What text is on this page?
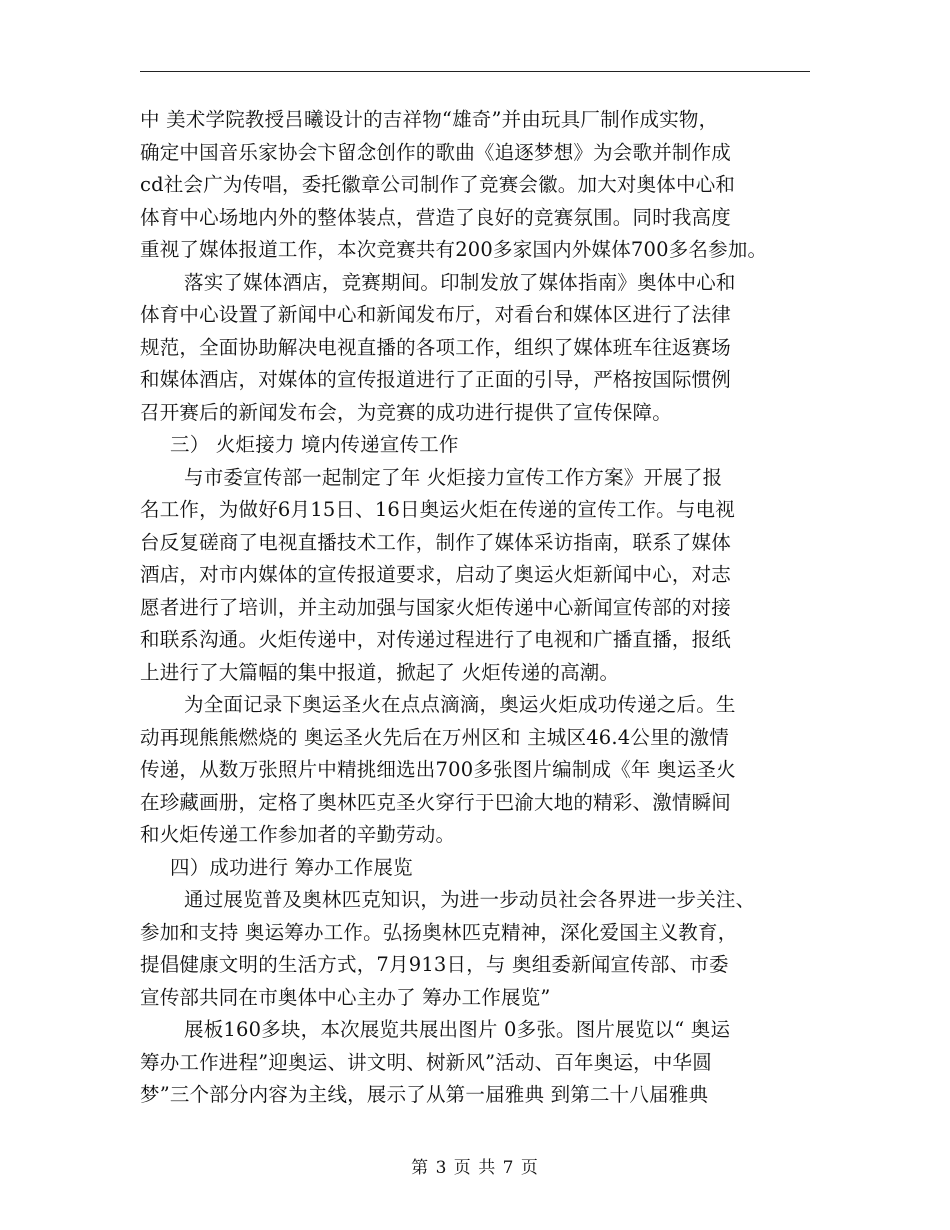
中 美术学院教授吕曦设计的吉祥物“雄奇”并由玩具厂制作成实物，
确定中国音乐家协会卞留念创作的歌曲《追逐梦想》为会歌并制作成
cd社会广为传唱，委托徽章公司制作了竞赛会徽。加大对奥体中心和
体育中心场地内外的整体装点，营造了良好的竞赛氛围。同时我高度
重视了媒体报道工作，本次竞赛共有200多家国内外媒体700多名参加。
落实了媒体酒店，竞赛期间。印制发放了媒体指南》奥体中心和
体育中心设置了新闻中心和新闻发布厅，对看台和媒体区进行了法律
规范，全面协助解决电视直播的各项工作，组织了媒体班车往返赛场
和媒体酒店，对媒体的宣传报道进行了正面的引导，严格按国际惯例
召开赛后的新闻发布会，为竞赛的成功进行提供了宣传保障。
三） 火炬接力 境内传递宣传工作
与市委宣传部一起制定了年 火炬接力宣传工作方案》开展了报
名工作，为做好6月15日、16日奥运火炬在传递的宣传工作。与电视
台反复磋商了电视直播技术工作，制作了媒体采访指南，联系了媒体
酒店，对市内媒体的宣传报道要求，启动了奥运火炬新闻中心，对志
愿者进行了培训，并主动加强与国家火炬传递中心新闻宣传部的对接
和联系沟通。火炬传递中，对传递过程进行了电视和广播直播，报纸
上进行了大篇幅的集中报道，掀起了 火炬传递的高潮。
为全面记录下奥运圣火在点点滴滴，奥运火炬成功传递之后。生
动再现熊熊燃烧的 奥运圣火先后在万州区和 主城区46.4公里的激情
传递，从数万张照片中精挑细选出700多张图片编制成《年 奥运圣火
在珍藏画册，定格了奥林匹克圣火穿行于巴渝大地的精彩、激情瞬间
和火炬传递工作参加者的辛勤劳动。
四）成功进行 筹办工作展览
通过展览普及奥林匹克知识，为进一步动员社会各界进一步关注、
参加和支持 奥运筹办工作。弘扬奥林匹克精神，深化爱国主义教育，
提倡健康文明的生活方式，7月913日，与 奥组委新闻宣传部、市委
宣传部共同在市奥体中心主办了 筹办工作展览”
展板160多块，本次展览共展出图片 0多张。图片展览以“ 奥运
筹办工作进程”迎奥运、讲文明、树新风”活动、百年奥运，中华圆
梦”三个部分内容为主线，展示了从第一届雅典 到第二十八届雅典
第 3 页 共 7 页
